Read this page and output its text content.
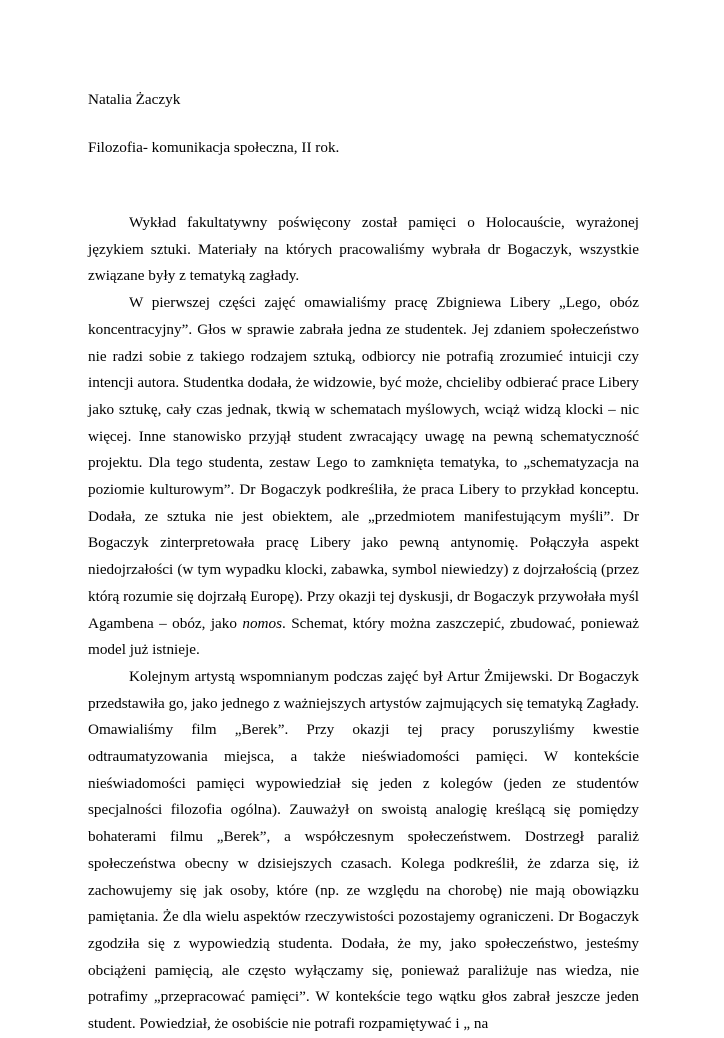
Natalia Żaczyk

Filozofia- komunikacja społeczna, II rok.

Wykład fakultatywny poświęcony został pamięci o Holocauście, wyrażonej językiem sztuki. Materiały na których pracowaliśmy wybrała dr Bogaczyk, wszystkie związane były z tematyką zagłady.

W pierwszej części zajęć omawialiśmy pracę Zbigniewa Libery „Lego, obóz koncentracyjny”. Głos w sprawie zabrała jedna ze studentek. Jej zdaniem społeczeństwo nie radzi sobie z takiego rodzajem sztuką, odbiorcy nie potrafią zrozumieć intuicji czy intencji autora. Studentka dodała, że widzowie, być może, chcieliby odbierać prace Libery jako sztukę, cały czas jednak, tkwią w schematach myślowych, wciąż widzą klocki – nic więcej. Inne stanowisko przyjął student zwracający uwagę na pewną schematyczność projektu. Dla tego studenta, zestaw Lego to zamknięta tematyka, to „schematyzacja na poziomie kulturowym”. Dr Bogaczyk podkreśliła, że praca Libery to przykład konceptu. Dodała, ze sztuka nie jest obiektem, ale „przedmiotem manifestującym myśli”. Dr Bogaczyk zinterpretowała pracę Libery jako pewną antynomię. Połączyła aspekt niedojrzałości (w tym wypadku klocki, zabawka, symbol niewiedzy) z dojrzałością (przez którą rozumie się dojrzałą Europę). Przy okazji tej dyskusji, dr Bogaczyk przywołała myśl Agambena – obóz, jako nomos. Schemat, który można zaszczepić, zbudować, ponieważ model już istnieje.

Kolejnym artystą wspomnianym podczas zajęć był Artur Żmijewski. Dr Bogaczyk przedstawiła go, jako jednego z ważniejszych artystów zajmujących się tematyką Zagłady. Omawialiśmy film „Berek”. Przy okazji tej pracy poruszyliśmy kwestie odtraumatyzowania miejsca, a także nieświadomości pamięci. W kontekście nieświadomości pamięci wypowiedział się jeden z kolegów (jeden ze studentów specjalności filozofia ogólna). Zauważył on swoistą analogię kreślącą się pomiędzy bohaterami filmu „Berek”, a współczesnym społeczeństwem. Dostrzegł paraliż społeczeństwa obecny w dzisiejszych czasach. Kolega podkreślił, że zdarza się, iż zachowujemy się jak osoby, które (np. ze względu na chorobę) nie mają obowiązku pamiętania. Że dla wielu aspektów rzeczywistości pozostajemy ograniczeni. Dr Bogaczyk zgodziła się z wypowiedzią studenta. Dodała, że my, jako społeczeństwo, jesteśmy obciążeni pamięcią, ale często wyłączamy się, ponieważ paraliżuje nas wiedza, nie potrafimy „przepracować pamięci”. W kontekście tego wątku głos zabrał jeszcze jeden student. Powiedział, że osobiście nie potrafi rozpamiętywać i „ na
